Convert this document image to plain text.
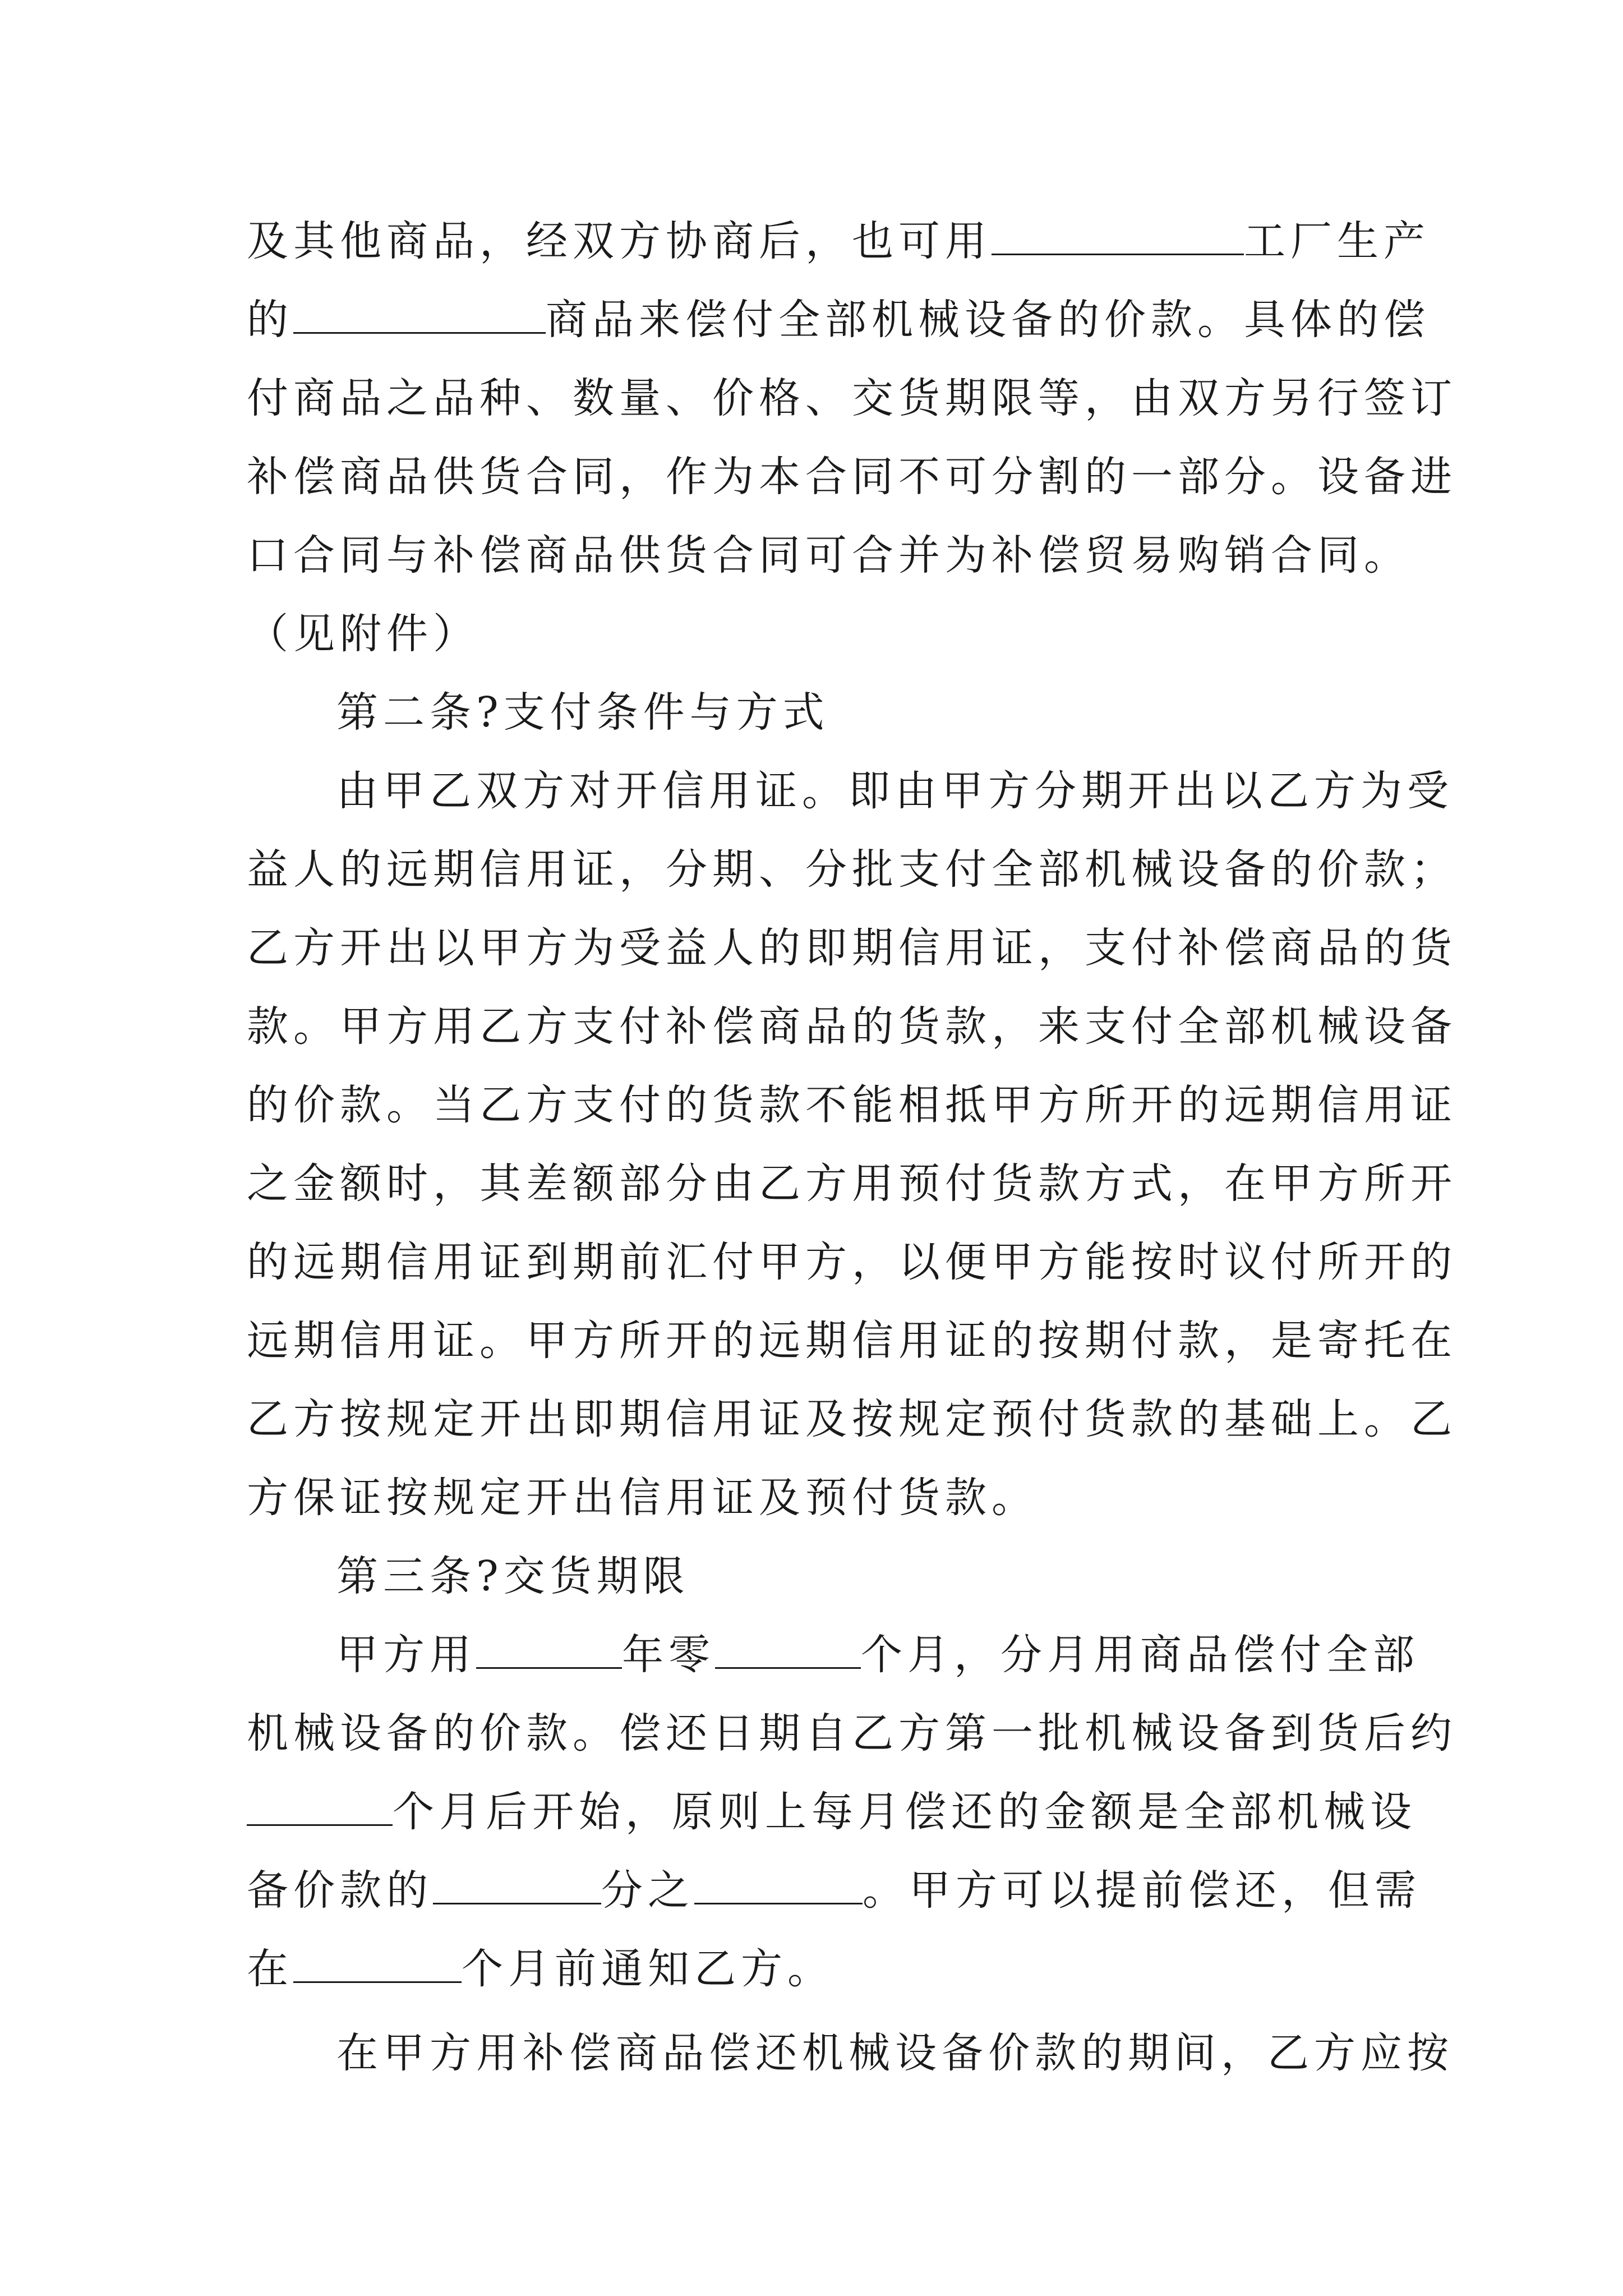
及其他商品，经双方协商后，也可用	工厂生产
的	商品来偿付全部机械设备的价款。具体的偿
付商品之品种、数量、价格、交货期限等，由双方另行签订
补偿商品供货合同，作为本合同不可分割的一部分。设备进
口合同与补偿商品供货合同可合并为补偿贸易购销合同。
（见附件）
第二条?支付条件与方式
由甲乙双方对开信用证。即由甲方分期开出以乙方为受
益人的远期信用证，分期、分批支付全部机械设备的价款；
乙方开出以甲方为受益人的即期信用证，支付补偿商品的货
款。甲方用乙方支付补偿商品的货款，来支付全部机械设备
的价款。当乙方支付的货款不能相抵甲方所开的远期信用证
之金额时，其差额部分由乙方用预付货款方式，在甲方所开
的远期信用证到期前汇付甲方，以便甲方能按时议付所开的
远期信用证。甲方所开的远期信用证的按期付款，是寄托在
乙方按规定开出即期信用证及按规定预付货款的基础上。乙
方保证按规定开出信用证及预付货款。
第三条?交货期限
甲方用	年零	个月，分月用商品偿付全部
机械设备的价款。偿还日期自乙方第一批机械设备到货后约
个月后开始，原则上每月偿还的金额是全部机械设
备价款的	分之	。甲方可以提前偿还，但需
在	个月前通知乙方。
在甲方用补偿商品偿还机械设备价款的期间，乙方应按
